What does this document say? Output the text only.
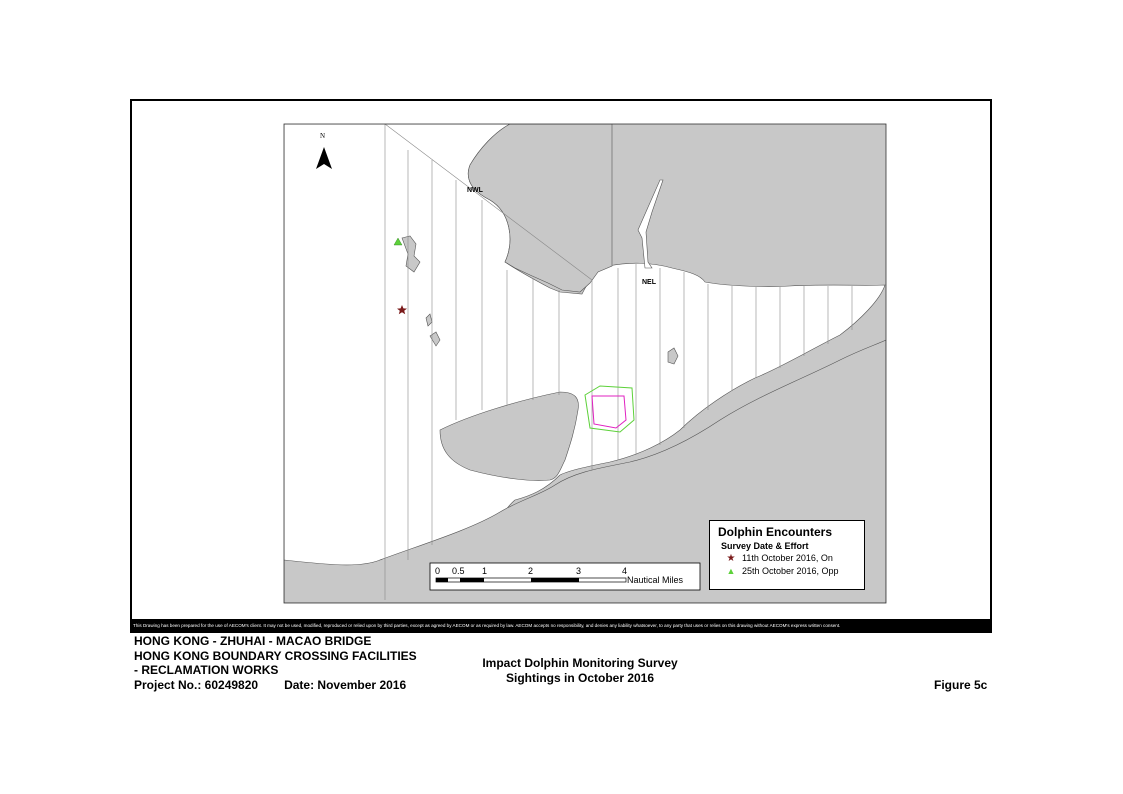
N
NWL
NEL
0 0.5 1	2	3	4
Nautical Miles
Dolphin Encounters
Survey Date & Effort
★ 11th October 2016, On
▲ 25th October 2016, Opp
This Drawing has been prepared for the use of AECOM's client. It may not be used, modified, reproduced or relied upon by third parties, except as agreed by AECOM or as required by law. AECOM accepts no responsibility, and denies any liability whatsoever, to any party that uses or relies on this drawing without AECOM's express written consent.
HONG KONG - ZHUHAI - MACAO BRIDGE
HONG KONG BOUNDARY CROSSING FACILITIES
- RECLAMATION WORKS
Project No.: 60249820 Date: November 2016
Impact Dolphin Monitoring Survey
Sightings in October 2016	Figure 5c
